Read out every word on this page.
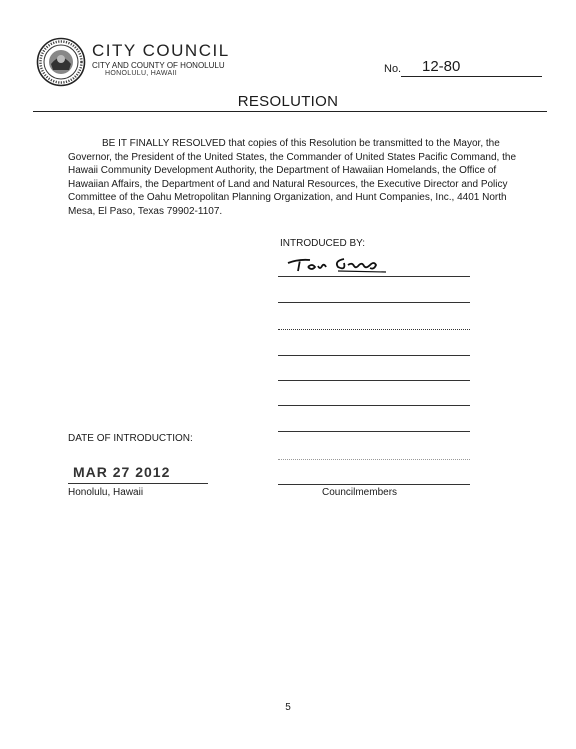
CITY COUNCIL
CITY AND COUNTY OF HONOLULU
HONOLULU, HAWAII	No. 12-80
RESOLUTION

BE IT FINALLY RESOLVED that copies of this Resolution be transmitted to the Mayor, the Governor, the President of the United States, the Commander of United States Pacific Command, the Hawaii Community Development Authority, the Department of Hawaiian Homelands, the Office of Hawaiian Affairs, the Department of Land and Natural Resources, the Executive Director and Policy Committee of the Oahu Metropolitan Planning Organization, and Hunt Companies, Inc., 4401 North Mesa, El Paso, Texas 79902-1107.

INTRODUCED BY:
DATE OF INTRODUCTION:
MAR 27 2012
Honolulu, Hawaii	Councilmembers
5
